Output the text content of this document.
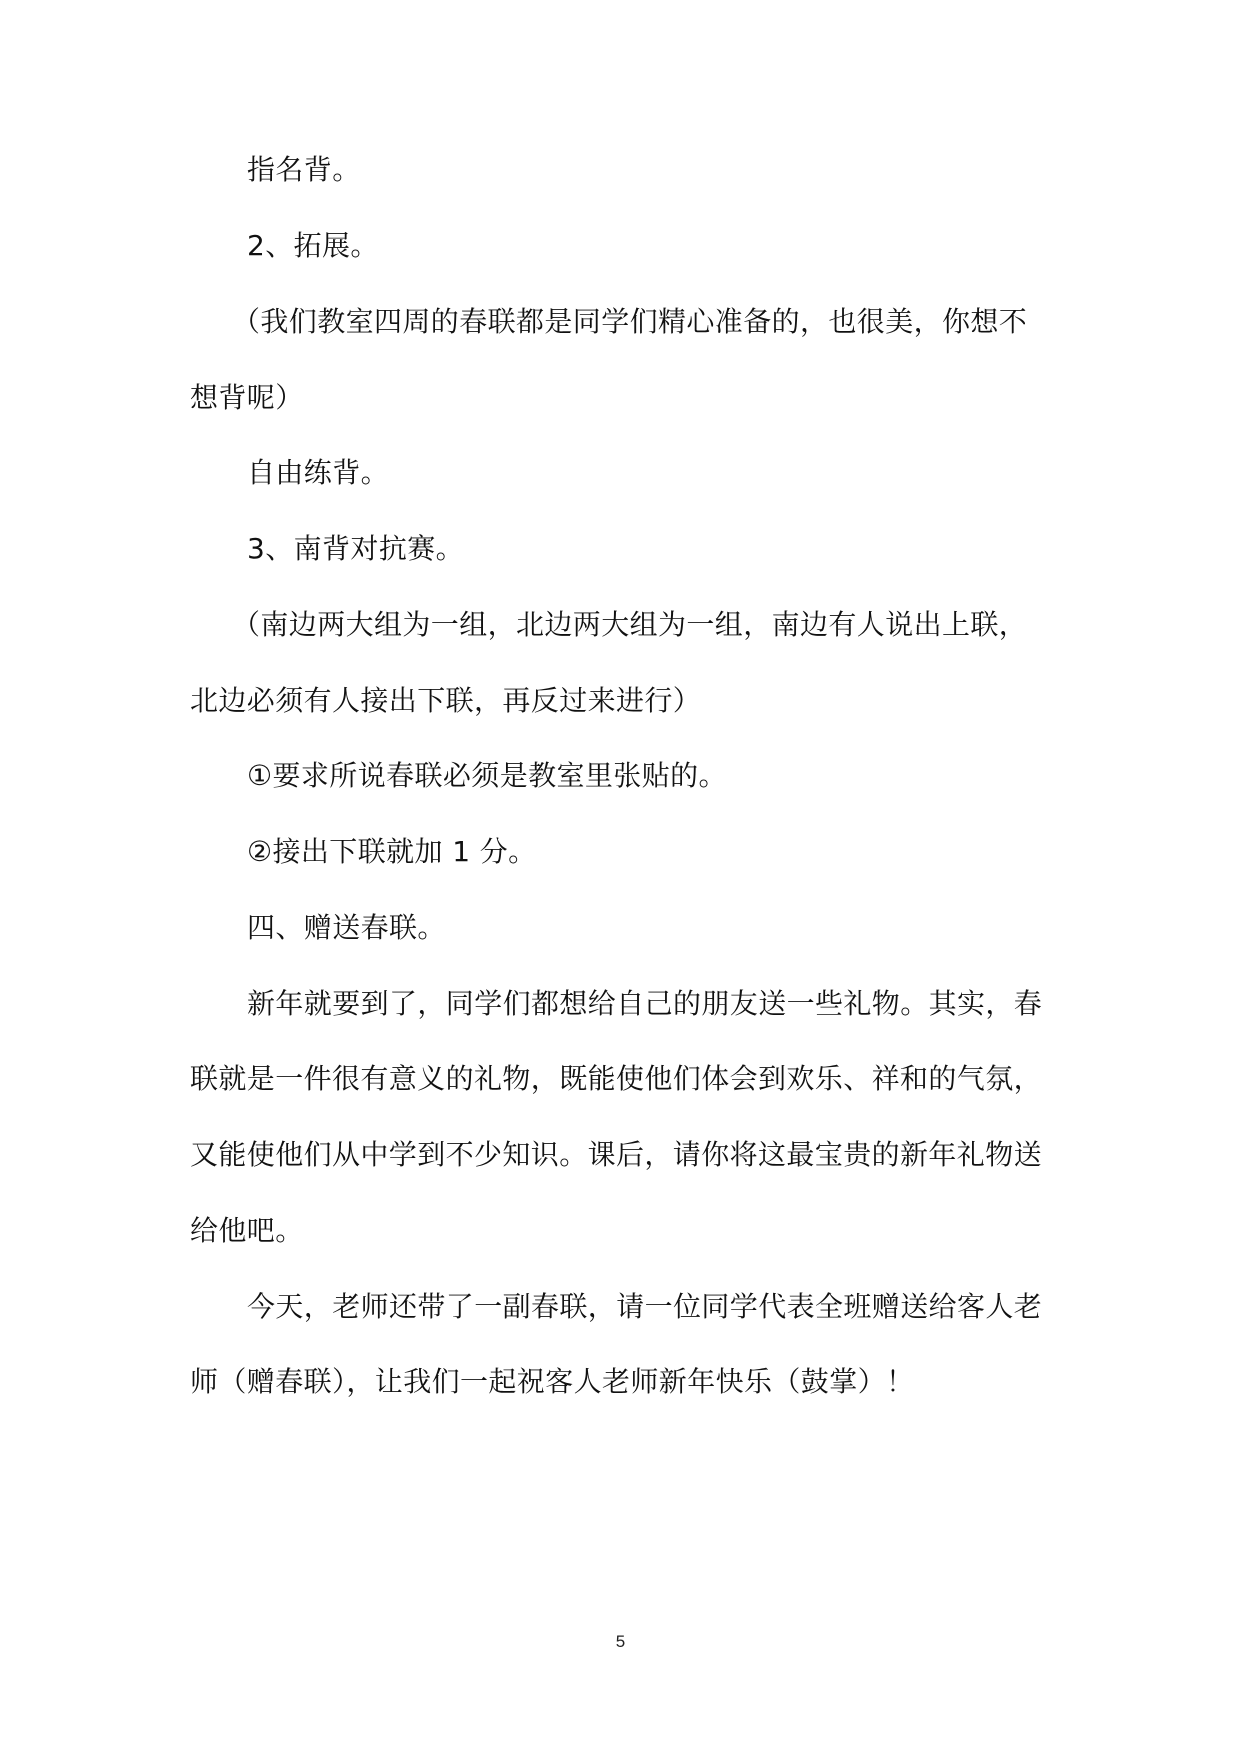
指名背。
2、拓展。
（我们教室四周的春联都是同学们精心准备的，也很美，你想不
想背呢）
自由练背。
3、南背对抗赛。
（南边两大组为一组，北边两大组为一组，南边有人说出上联，
北边必须有人接出下联，再反过来进行）
①要求所说春联必须是教室里张贴的。
②接出下联就加 1 分。
四、赠送春联。
新年就要到了，同学们都想给自己的朋友送一些礼物。其实，春
联就是一件很有意义的礼物，既能使他们体会到欢乐、祥和的气氛，
又能使他们从中学到不少知识。课后，请你将这最宝贵的新年礼物送
给他吧。
今天，老师还带了一副春联，请一位同学代表全班赠送给客人老
师（赠春联），让我们一起祝客人老师新年快乐（鼓掌）！
5
